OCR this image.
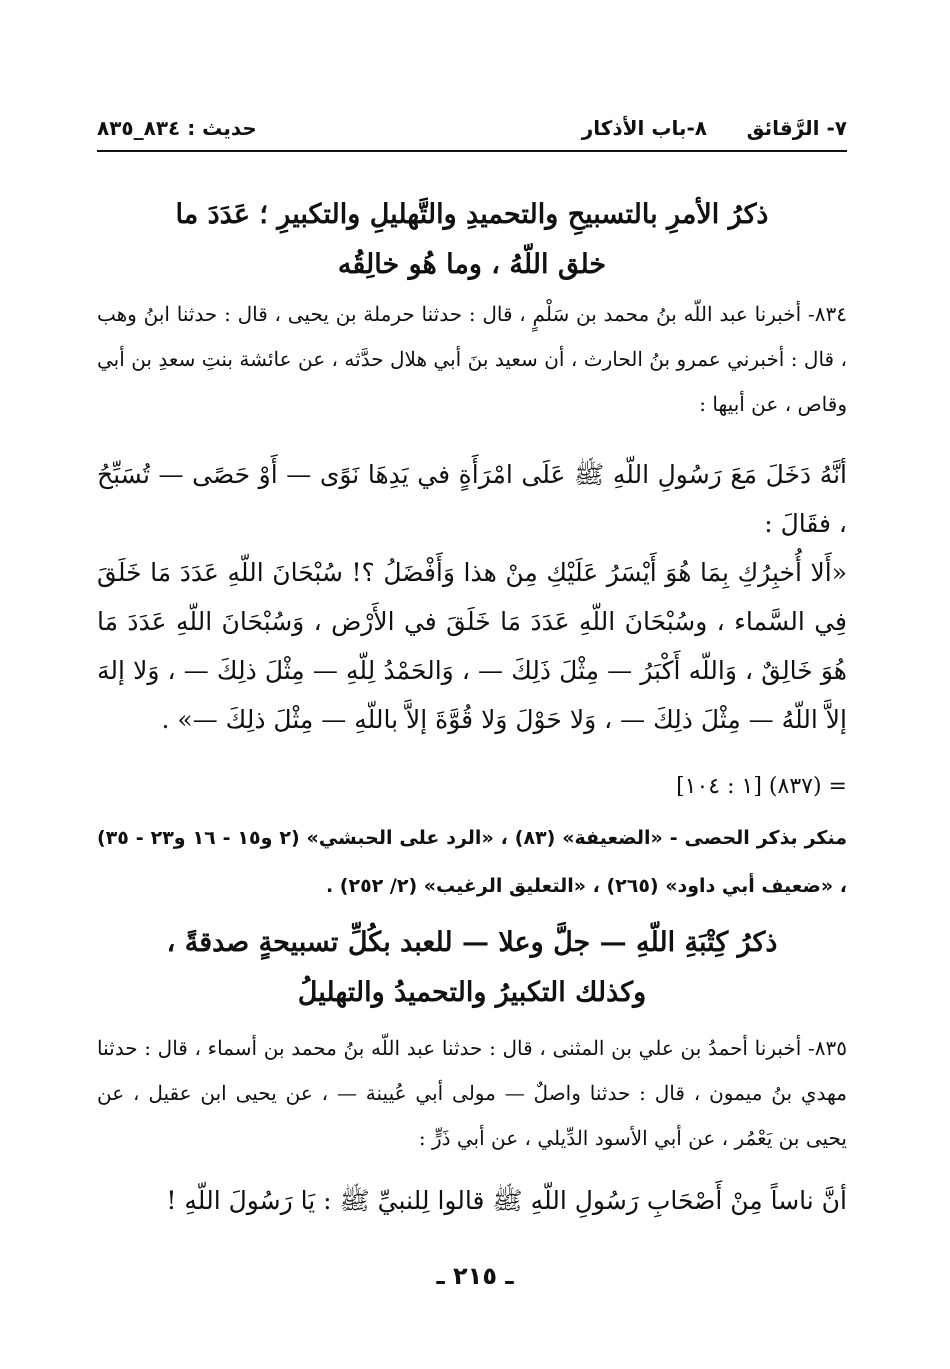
٧- الرَّقائق
٨-باب الأذكار
حديث : ٨٣٤_٨٣٥
ذكرُ الأمرِ بالتسبيحِ والتحميدِ والتَّهليلِ والتكبيرِ ؛ عَدَدَ ما
خلق اللّهُ ، وما هُو خالِقُه
٨٣٤- أخبرنا عبد اللّه بنُ محمد بن سَلْمٍ ، قال : حدثنا حرملة بن يحيى ، قال : حدثنا ابنُ وهب ، قال : أخبرني عمرو بنُ الحارث ، أن سعيد بنَ أبي هلال حدَّثه ، عن عائشة بنتِ سعدِ بن أبي وقاص ، عن أبيها :
أنَّهُ دَخَلَ مَعَ رَسُولِ اللّهِ ﷺ عَلَى امْرَأَةٍ في يَدِهَا نَوًى — أَوْ حَصًى — تُسَبِّحُ ، فقَالَ :
«أَلا أُخبِرُكِ بِمَا هُوَ أَيْسَرُ عَلَيْكِ مِنْ هذا وَأَفْضَلُ ؟! سُبْحَانَ اللّهِ عَدَدَ مَا خَلَقَ فِي السَّماء ، وسُبْحَانَ اللّهِ عَدَدَ مَا خَلَقَ في الأَرْض ، وَسُبْحَانَ اللّهِ عَدَدَ مَا هُوَ خَالِقٌ ، وَاللّه أَكْبَرُ — مِثْلَ ذَلِكَ — ، وَالحَمْدُ لِلّهِ — مِثْلَ ذلِكَ — ، وَلا إلهَ إلاَّ اللّهُ — مِثْلَ ذلِكَ — ، وَلا حَوْلَ وَلا قُوَّةَ إلاَّ باللّهِ — مِثْلَ ذلِكَ —» .
= (٨٣٧) [١ : ١٠٤]
منكر بذكر الحصى - «الضعيفة» (٨٣) ، «الرد على الحبشي» (٢ و١٥ - ١٦ و٢٣ - ٣٥) ، «ضعيف أبي داود» (٢٦٥) ، «التعليق الرغيب» (٢/ ٢٥٢) .
ذكرُ كِتْبَةِ اللّهِ — جلَّ وعلا — للعبد بكُلِّ تسبيحةٍ صدقةً ،
وكذلك التكبيرُ والتحميدُ والتهليلُ
٨٣٥- أخبرنا أحمدُ بن علي بن المثنى ، قال : حدثنا عبد اللّه بنُ محمد بن أسماء ، قال : حدثنا مهدي بنُ ميمون ، قال : حدثنا واصلٌ — مولى أبي عُيينة — ، عن يحيى ابن عقيل ، عن يحيى بن يَعْمُر ، عن أبي الأسود الدِّيلي ، عن أبي ذَرٍّ :
أنَّ ناساً مِنْ أَصْحَابِ رَسُولِ اللّهِ ﷺ قالوا لِلنبيِّ ﷺ : يَا رَسُولَ اللّهِ !
ـ ٢١٥ ـ
